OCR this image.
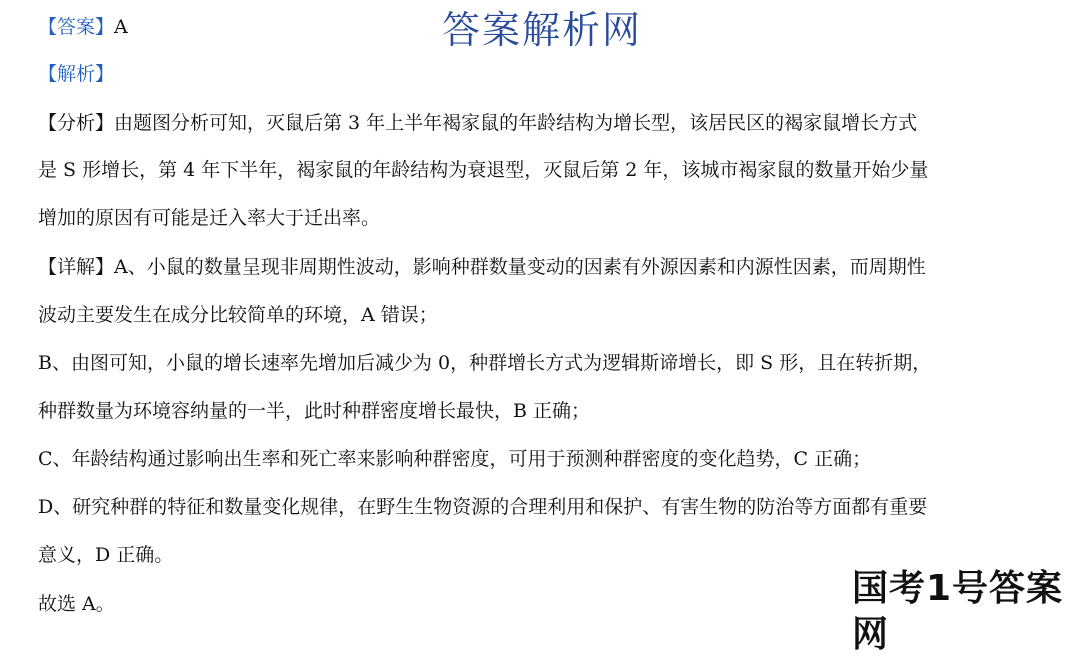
【答案】A	答案解析网
【解析】
【分析】由题图分析可知，灭鼠后第 3 年上半年褐家鼠的年龄结构为增长型，该居民区的褐家鼠增长方式
是 S 形增长，第 4 年下半年，褐家鼠的年龄结构为衰退型，灭鼠后第 2 年，该城市褐家鼠的数量开始少量
增加的原因有可能是迁入率大于迁出率。
【详解】A、小鼠的数量呈现非周期性波动，影响种群数量变动的因素有外源因素和内源性因素，而周期性
波动主要发生在成分比较简单的环境，A 错误；
B、由图可知，小鼠的增长速率先增加后减少为 0，种群增长方式为逻辑斯谛增长，即 S 形，且在转折期，
种群数量为环境容纳量的一半，此时种群密度增长最快，B 正确；
C、年龄结构通过影响出生率和死亡率来影响种群密度，可用于预测种群密度的变化趋势，C 正确；
D、研究种群的特征和数量变化规律，在野生生物资源的合理利用和保护、有害生物的防治等方面都有重要
意义，D 正确。
故选 A。	国考1号答案网
